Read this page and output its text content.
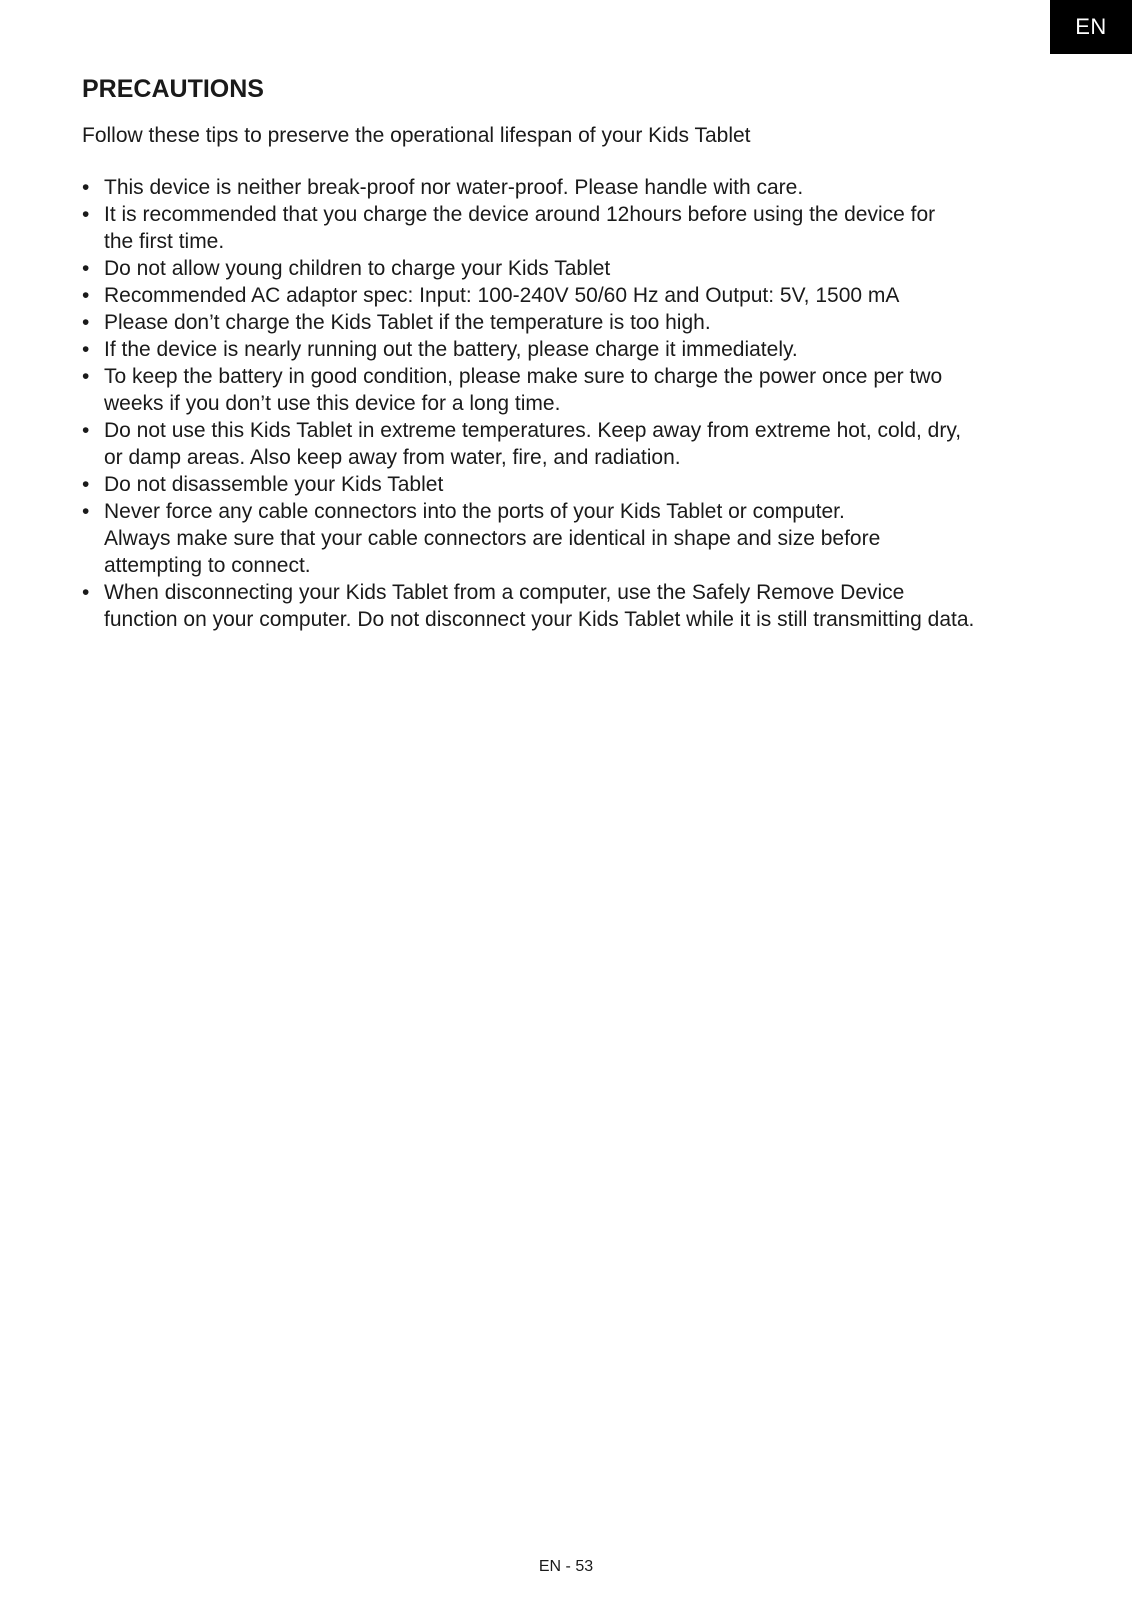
EN
PRECAUTIONS

Follow these tips to preserve the operational lifespan of your Kids Tablet

• This device is neither break-proof nor water-proof. Please handle with care.
• It is recommended that you charge the device around 12hours before using the device for
the first time.
• Do not allow young children to charge your Kids Tablet
• Recommended AC adaptor spec: Input: 100-240V 50/60 Hz and Output: 5V, 1500 mA
• Please don’t charge the Kids Tablet if the temperature is too high.
• If the device is nearly running out the battery, please charge it immediately.
• To keep the battery in good condition, please make sure to charge the power once per two
weeks if you don’t use this device for a long time.
• Do not use this Kids Tablet in extreme temperatures. Keep away from extreme hot, cold, dry,
or damp areas. Also keep away from water, fire, and radiation.
• Do not disassemble your Kids Tablet
• Never force any cable connectors into the ports of your Kids Tablet or computer.
Always make sure that your cable connectors are identical in shape and size before
attempting to connect.
• When disconnecting your Kids Tablet from a computer, use the Safely Remove Device
function on your computer. Do not disconnect your Kids Tablet while it is still transmitting data.
EN - 53
